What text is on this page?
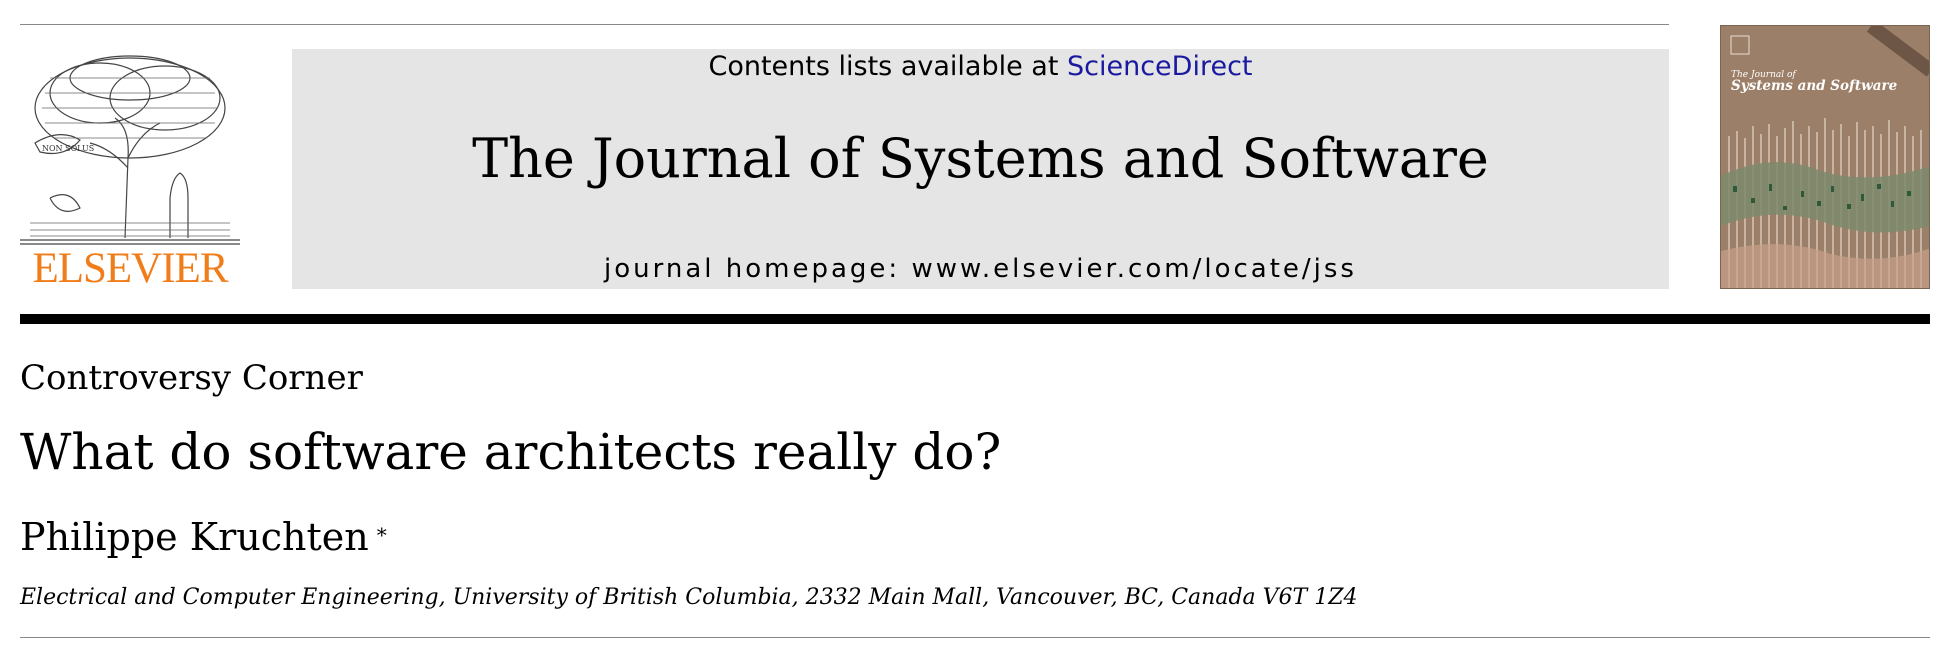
NON SOLUS
ELSEVIER
Contents lists available at ScienceDirect
The Journal of Systems and Software
journal homepage: www.elsevier.com/locate/jss
The Journal of
Systems and Software
Controversy Corner
What do software architects really do?
Philippe Kruchten *
Electrical and Computer Engineering, University of British Columbia, 2332 Main Mall, Vancouver, BC, Canada V6T 1Z4
